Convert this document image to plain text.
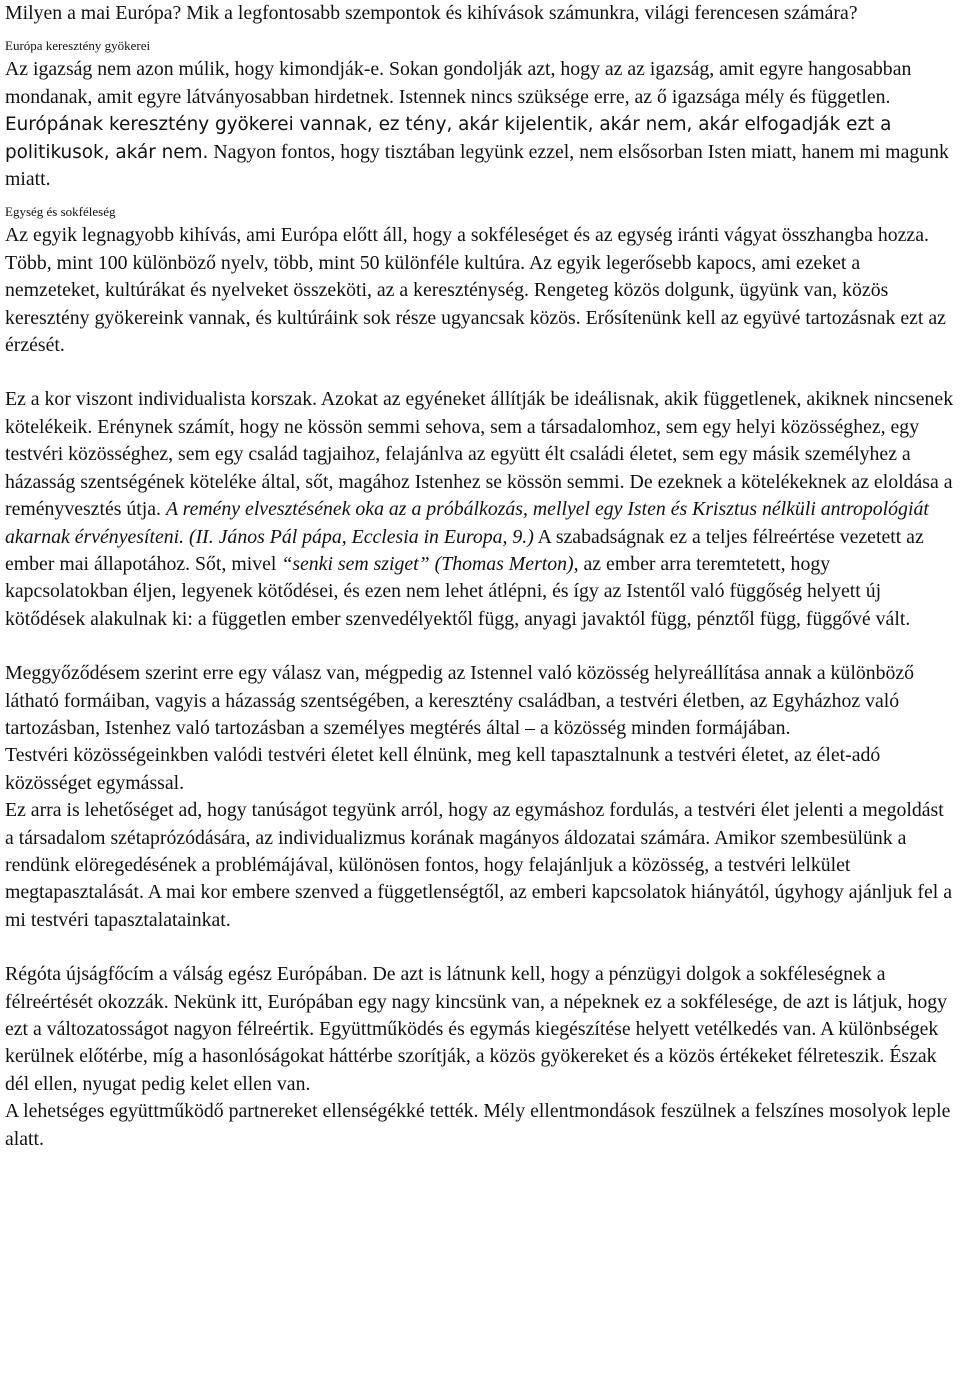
Milyen a mai Európa? Mik a legfontosabb szempontok és kihívások számunkra, világi ferencesen számára?

Európa keresztény gyökerei

Az igazság nem azon múlik, hogy kimondják-e. Sokan gondolják azt, hogy az az igazság, amit egyre hangosabban mondanak, amit egyre látványosabban hirdetnek. Istennek nincs szüksége erre, az ő igazsága mély és független.

Európának keresztény gyökerei vannak, ez tény, akár kijelentik, akár nem, akár elfogadják ezt a politikusok, akár nem. Nagyon fontos, hogy tisztában legyünk ezzel, nem elsősorban Isten miatt, hanem mi magunk miatt.

Egység és sokféleség

Az egyik legnagyobb kihívás, ami Európa előtt áll, hogy a sokféleséget és az egység iránti vágyat összhangba hozza. Több, mint 100 különböző nyelv, több, mint 50 különféle kultúra. Az egyik legerősebb kapocs, ami ezeket a nemzeteket, kultúrákat és nyelveket összeköti, az a kereszténység. Rengeteg közös dolgunk, ügyünk van, közös keresztény gyökereink vannak, és kultúráink sok része ugyancsak közös. Erősítenünk kell az együvé tartozásnak ezt az érzését.

Ez a kor viszont individualista korszak. Azokat az egyéneket állítják be ideálisnak, akik függetlenek, akiknek nincsenek kötelékeik. Erénynek számít, hogy ne kössön semmi sehova, sem a társadalomhoz, sem egy helyi közösséghez, egy testvéri közösséghez, sem egy család tagjaihoz, felajánlva az együtt élt családi életet, sem egy másik személyhez a házasság szentségének köteléke által, sőt, magához Istenhez se kössön semmi. De ezeknek a kötelékeknek az eloldása a reményvesztés útja. A remény elvesztésének oka az a próbálkozás, mellyel egy Isten és Krisztus nélküli antropológiát akarnak érvényesíteni. (II. János Pál pápa, Ecclesia in Europa, 9.) A szabadságnak ez a teljes félreértése vezetett az ember mai állapotához. Sőt, mivel “senki sem sziget” (Thomas Merton), az ember arra teremtetett, hogy kapcsolatokban éljen, legyenek kötődései, és ezen nem lehet átlépni, és így az Istentől való függőség helyett új kötődések alakulnak ki: a független ember szenvedélyektől függ, anyagi javaktól függ, pénztől függ, függővé vált.

Meggyőződésem szerint erre egy válasz van, mégpedig az Istennel való közösség helyreállítása annak a különböző látható formáiban, vagyis a házasság szentségében, a keresztény családban, a testvéri életben, az Egyházhoz való tartozásban, Istenhez való tartozásban a személyes megtérés által – a közösség minden formájában.

Testvéri közösségeinkben valódi testvéri életet kell élnünk, meg kell tapasztalnunk a testvéri életet, az élet-adó közösséget egymással.

Ez arra is lehetőséget ad, hogy tanúságot tegyünk arról, hogy az egymáshoz fordulás, a testvéri élet jelenti a megoldást a társadalom szétaprózódására, az individualizmus korának magányos áldozatai számára. Amikor szembesülünk a rendünk elöregedésének a problémájával, különösen fontos, hogy felajánljuk a közösség, a testvéri lelkület megtapasztalását. A mai kor embere szenved a függetlenségtől, az emberi kapcsolatok hiányától, úgyhogy ajánljuk fel a mi testvéri tapasztalatainkat.

Régóta újságfőcím a válság egész Európában. De azt is látnunk kell, hogy a pénzügyi dolgok a sokféleségnek a félreértését okozzák. Nekünk itt, Európában egy nagy kincsünk van, a népeknek ez a sokfélesége, de azt is látjuk, hogy ezt a változatosságot nagyon félreértik. Együttműködés és egymás kiegészítése helyett vetélkedés van. A különbségek kerülnek előtérbe, míg a hasonlóságokat háttérbe szorítják, a közös gyökereket és a közös értékeket félreteszik. Észak dél ellen, nyugat pedig kelet ellen van.

A lehetséges együttműködő partnereket ellenségékké tették. Mély ellentmondások feszülnek a felszínes mosolyok leple alatt.
